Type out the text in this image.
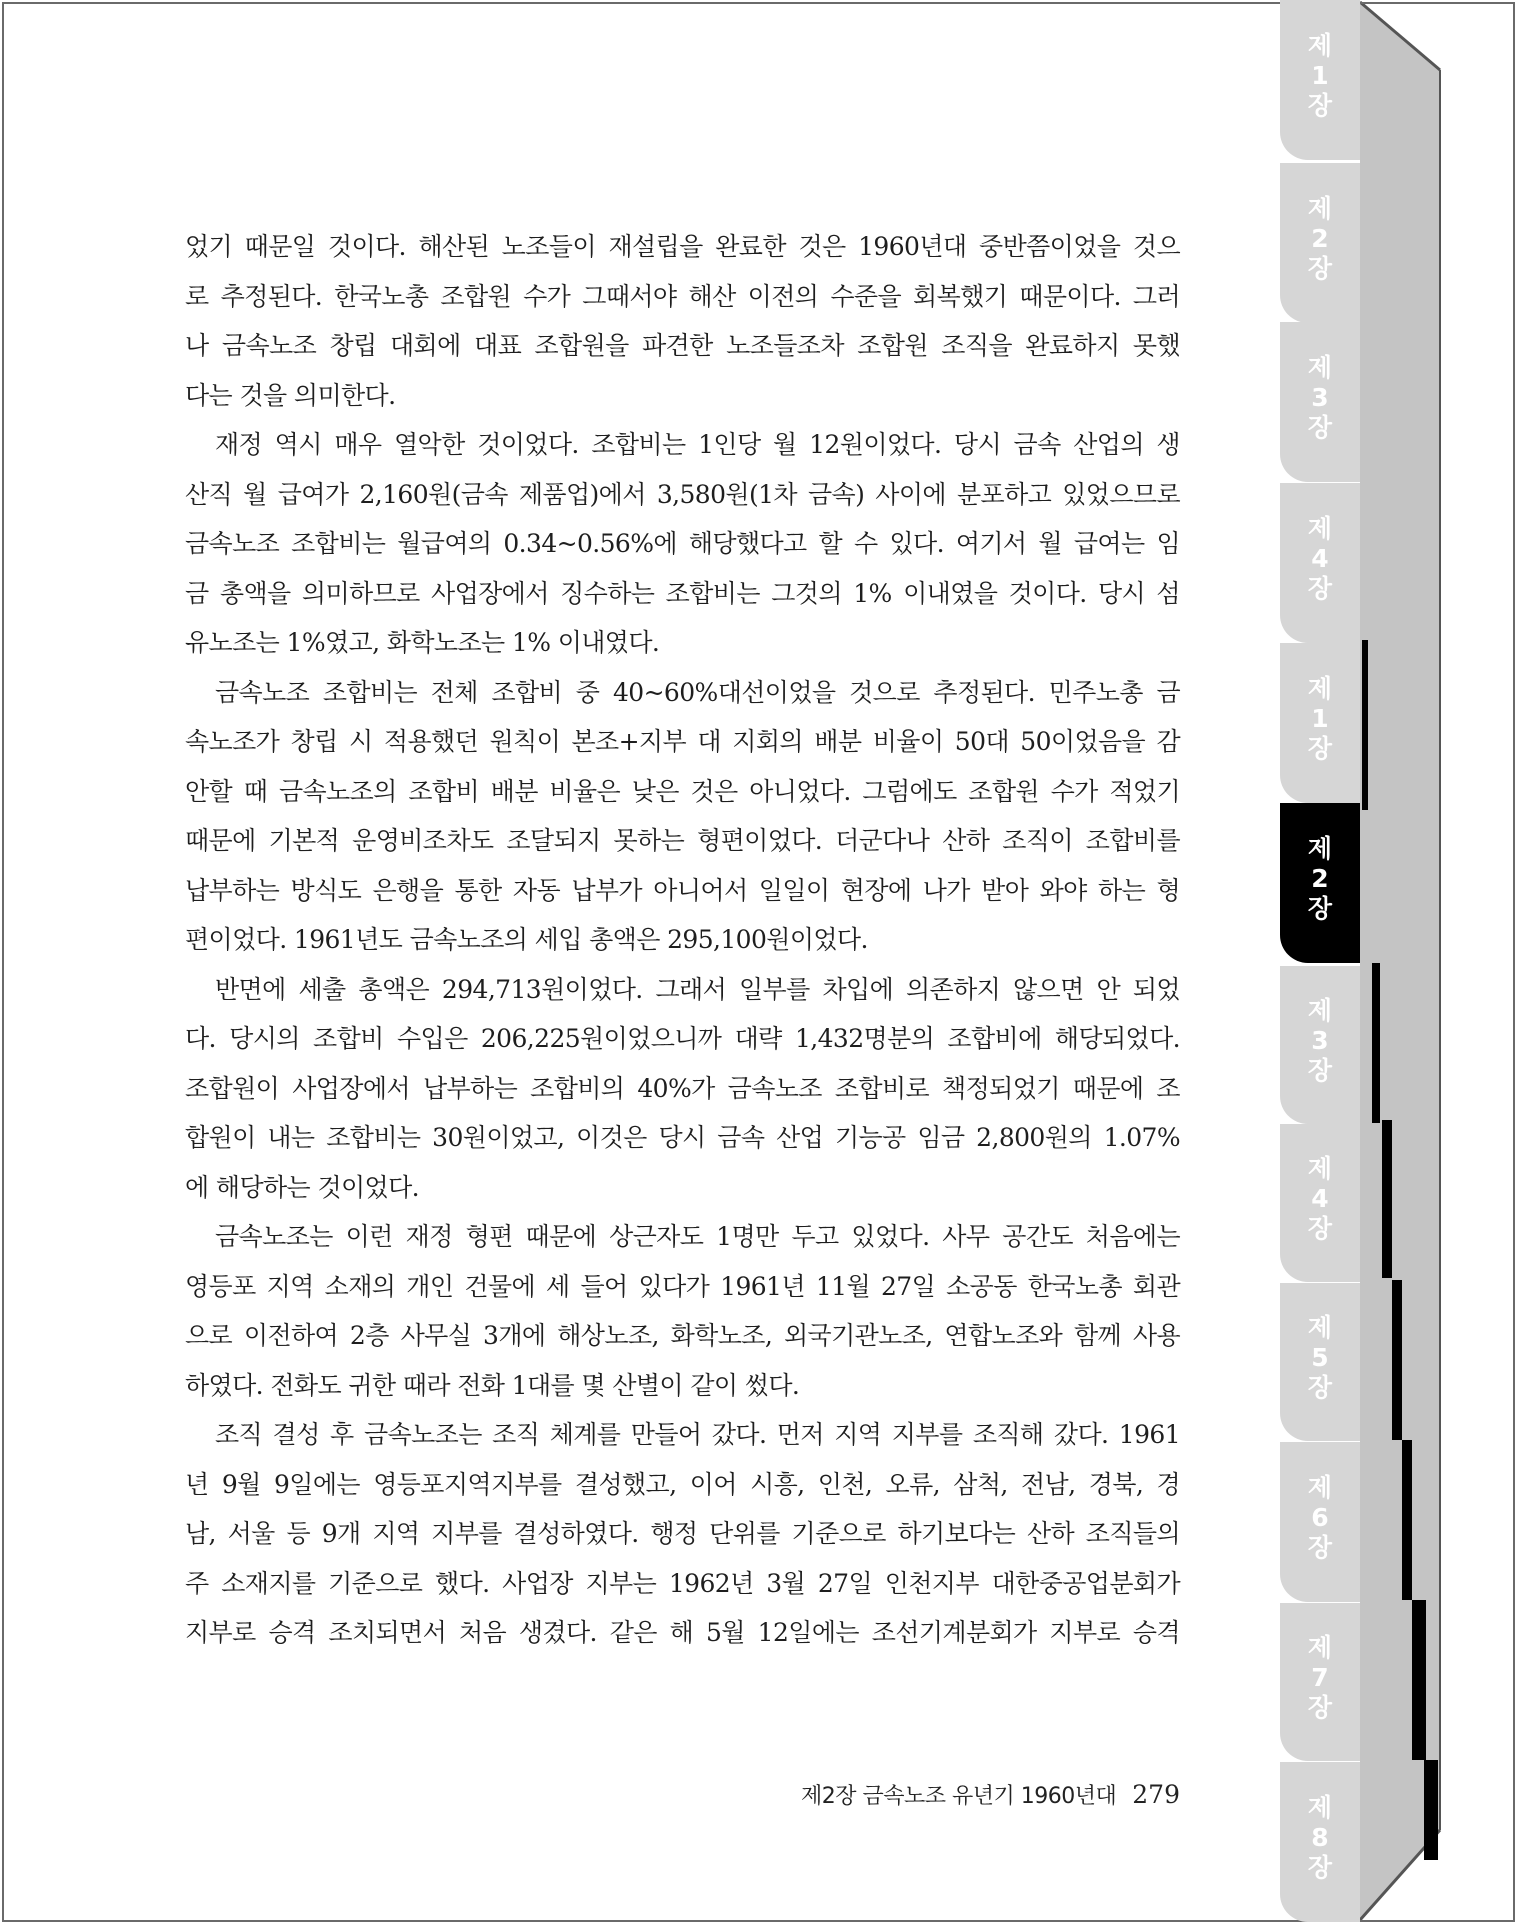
제
1
장
제
2
장
제
3
장
제
4
장
제
1
장
제
2
장
제
3
장
제
4
장
제
5
장
제
6
장
제
7
장
제
8
장
었기 때문일 것이다. 해산된 노조들이 재설립을 완료한 것은 1960년대 중반쯤이었을 것으
로 추정된다. 한국노총 조합원 수가 그때서야 해산 이전의 수준을 회복했기 때문이다. 그러
나 금속노조 창립 대회에 대표 조합원을 파견한 노조들조차 조합원 조직을 완료하지 못했
다는 것을 의미한다.
재정 역시 매우 열악한 것이었다. 조합비는 1인당 월 12원이었다. 당시 금속 산업의 생
산직 월 급여가 2,160원(금속 제품업)에서 3,580원(1차 금속) 사이에 분포하고 있었으므로
금속노조 조합비는 월급여의 0.34~0.56%에 해당했다고 할 수 있다. 여기서 월 급여는 임
금 총액을 의미하므로 사업장에서 징수하는 조합비는 그것의 1% 이내였을 것이다. 당시 섬
유노조는 1%였고, 화학노조는 1% 이내였다.
금속노조 조합비는 전체 조합비 중 40~60%대선이었을 것으로 추정된다. 민주노총 금
속노조가 창립 시 적용했던 원칙이 본조+지부 대 지회의 배분 비율이 50대 50이었음을 감
안할 때 금속노조의 조합비 배분 비율은 낮은 것은 아니었다. 그럼에도 조합원 수가 적었기
때문에 기본적 운영비조차도 조달되지 못하는 형편이었다. 더군다나 산하 조직이 조합비를
납부하는 방식도 은행을 통한 자동 납부가 아니어서 일일이 현장에 나가 받아 와야 하는 형
편이었다. 1961년도 금속노조의 세입 총액은 295,100원이었다.
반면에 세출 총액은 294,713원이었다. 그래서 일부를 차입에 의존하지 않으면 안 되었
다. 당시의 조합비 수입은 206,225원이었으니까 대략 1,432명분의 조합비에 해당되었다.
조합원이 사업장에서 납부하는 조합비의 40%가 금속노조 조합비로 책정되었기 때문에 조
합원이 내는 조합비는 30원이었고, 이것은 당시 금속 산업 기능공 임금 2,800원의 1.07%
에 해당하는 것이었다.
금속노조는 이런 재정 형편 때문에 상근자도 1명만 두고 있었다. 사무 공간도 처음에는
영등포 지역 소재의 개인 건물에 세 들어 있다가 1961년 11월 27일 소공동 한국노총 회관
으로 이전하여 2층 사무실 3개에 해상노조, 화학노조, 외국기관노조, 연합노조와 함께 사용
하였다. 전화도 귀한 때라 전화 1대를 몇 산별이 같이 썼다.
조직 결성 후 금속노조는 조직 체계를 만들어 갔다. 먼저 지역 지부를 조직해 갔다. 1961
년 9월 9일에는 영등포지역지부를 결성했고, 이어 시흥, 인천, 오류, 삼척, 전남, 경북, 경
남, 서울 등 9개 지역 지부를 결성하였다. 행정 단위를 기준으로 하기보다는 산하 조직들의
주 소재지를 기준으로 했다. 사업장 지부는 1962년 3월 27일 인천지부 대한중공업분회가
지부로 승격 조치되면서 처음 생겼다. 같은 해 5월 12일에는 조선기계분회가 지부로 승격
제2장 금속노조 유년기 1960년대 279
